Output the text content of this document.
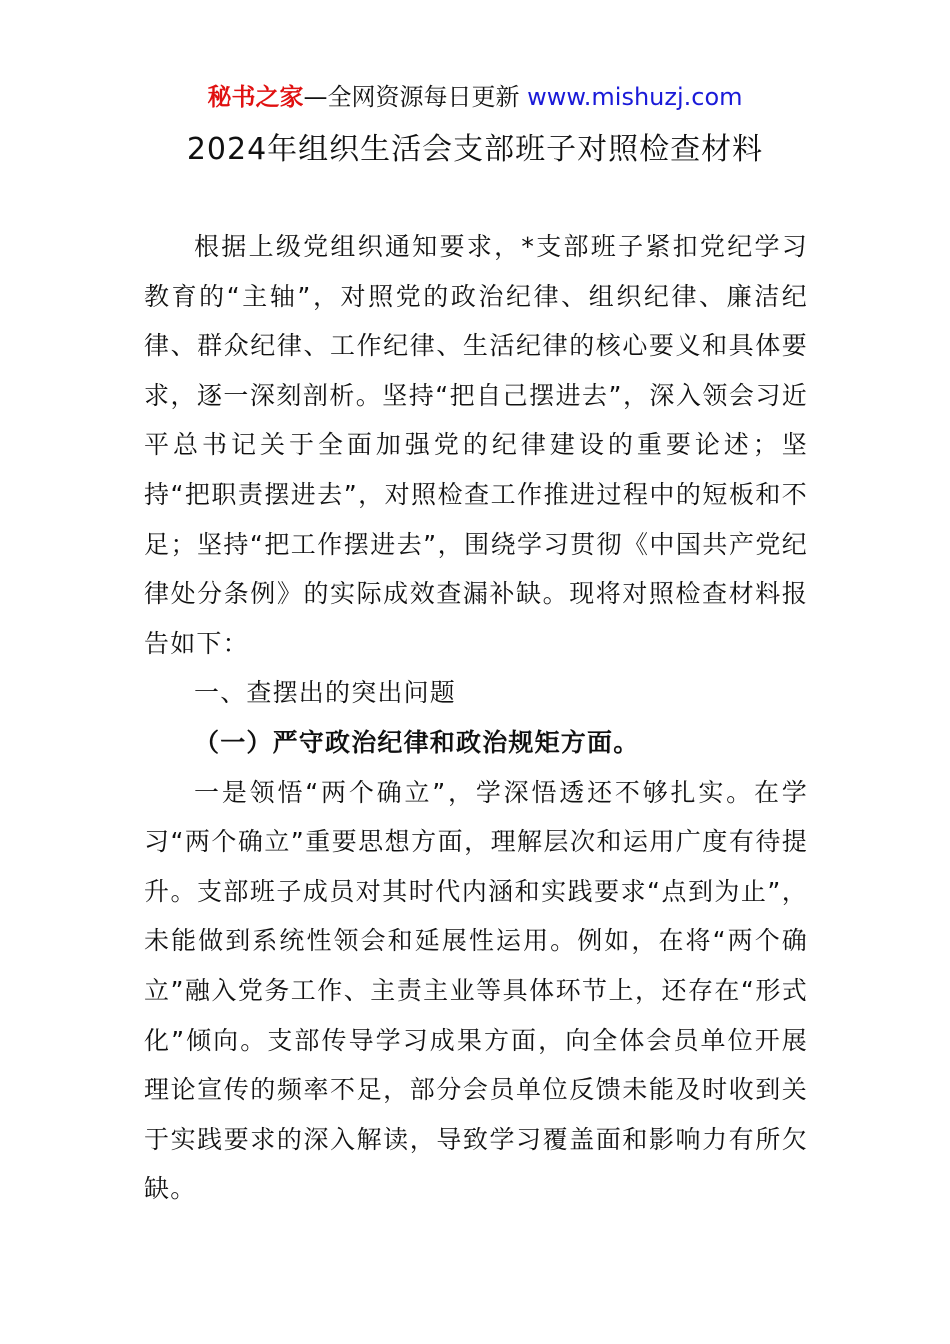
秘书之家—全网资源每日更新 www.mishuzj.com
2024年组织生活会支部班子对照检查材料

根据上级党组织通知要求，*支部班子紧扣党纪学习教育的“主轴”，对照党的政治纪律、组织纪律、廉洁纪律、群众纪律、工作纪律、生活纪律的核心要义和具体要求，逐一深刻剖析。坚持“把自己摆进去”，深入领会习近平总书记关于全面加强党的纪律建设的重要论述；坚持“把职责摆进去”，对照检查工作推进过程中的短板和不足；坚持“把工作摆进去”，围绕学习贯彻《中国共产党纪律处分条例》的实际成效查漏补缺。现将对照检查材料报告如下：

一、查摆出的突出问题

（一）严守政治纪律和政治规矩方面。

一是领悟“两个确立”，学深悟透还不够扎实。在学习“两个确立”重要思想方面，理解层次和运用广度有待提升。支部班子成员对其时代内涵和实践要求“点到为止”，未能做到系统性领会和延展性运用。例如，在将“两个确立”融入党务工作、主责主业等具体环节上，还存在“形式化”倾向。支部传导学习成果方面，向全体会员单位开展理论宣传的频率不足，部分会员单位反馈未能及时收到关于实践要求的深入解读，导致学习覆盖面和影响力有所欠缺。
